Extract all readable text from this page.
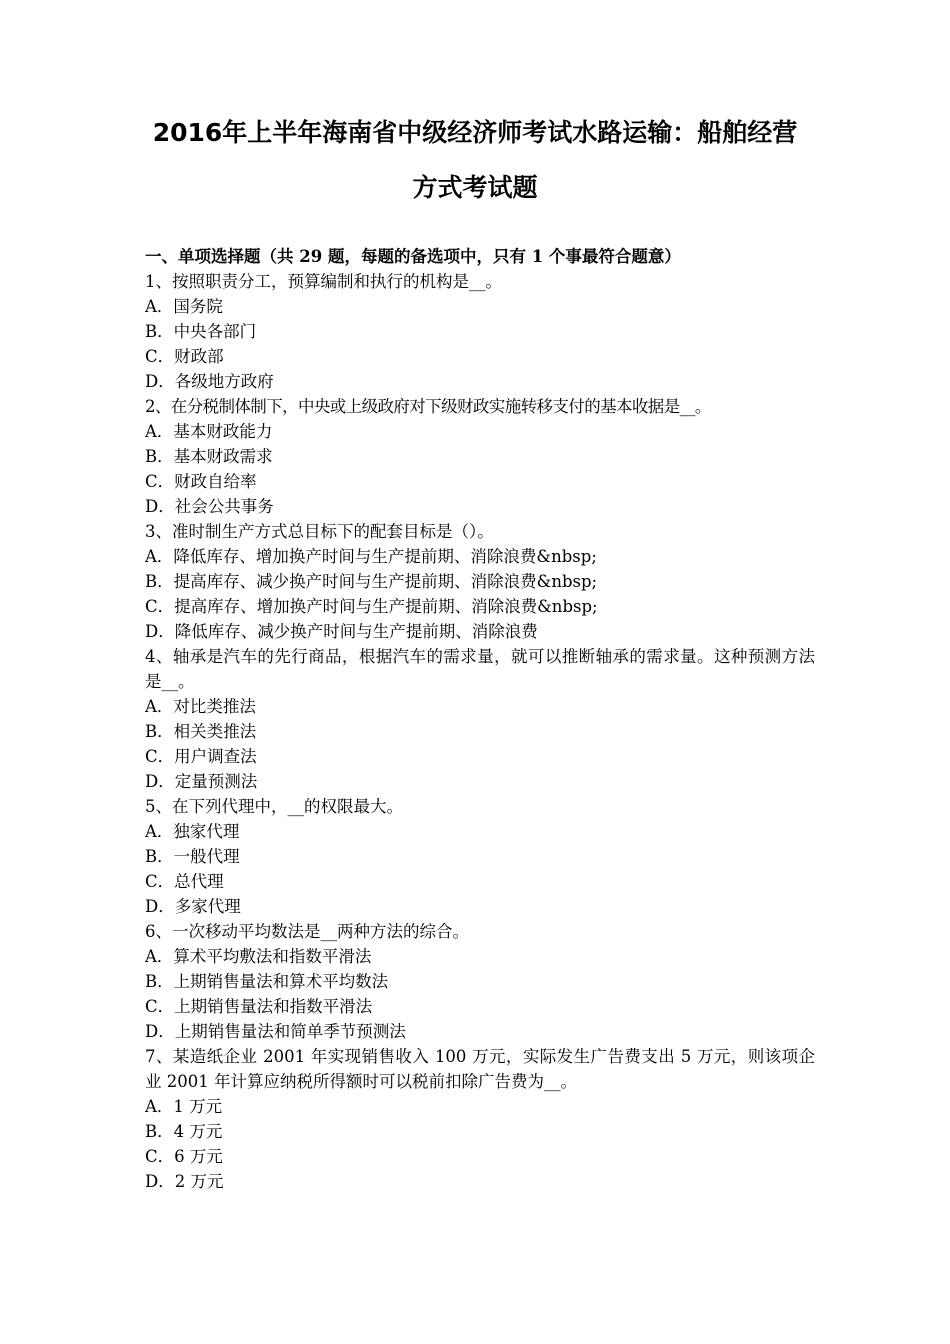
2016年上半年海南省中级经济师考试水路运输：船舶经营
方式考试题
一、单项选择题（共 29 题，每题的备选项中，只有 1 个事最符合题意）
1、按照职责分工，预算编制和执行的机构是__。
A．国务院
B．中央各部门
C．财政部
D．各级地方政府
2、在分税制体制下，中央或上级政府对下级财政实施转移支付的基本收据是__。
A．基本财政能力
B．基本财政需求
C．财政自给率
D．社会公共事务
3、准时制生产方式总目标下的配套目标是（）。
A．降低库存、增加换产时间与生产提前期、消除浪费&nbsp;
B．提高库存、减少换产时间与生产提前期、消除浪费&nbsp;
C．提高库存、增加换产时间与生产提前期、消除浪费&nbsp;
D．降低库存、减少换产时间与生产提前期、消除浪费
4、轴承是汽车的先行商品，根据汽车的需求量，就可以推断轴承的需求量。这种预测方法是__。
A．对比类推法
B．相关类推法
C．用户调查法
D．定量预测法
5、在下列代理中，__的权限最大。
A．独家代理
B．一般代理
C．总代理
D．多家代理
6、一次移动平均数法是__两种方法的综合。
A．算术平均敷法和指数平滑法
B．上期销售量法和算术平均数法
C．上期销售量法和指数平滑法
D．上期销售量法和简单季节预测法
7、某造纸企业 2001 年实现销售收入 100 万元，实际发生广告费支出 5 万元，则该项企业 2001 年计算应纳税所得额时可以税前扣除广告费为__。
A．1 万元
B．4 万元
C．6 万元
D．2 万元
